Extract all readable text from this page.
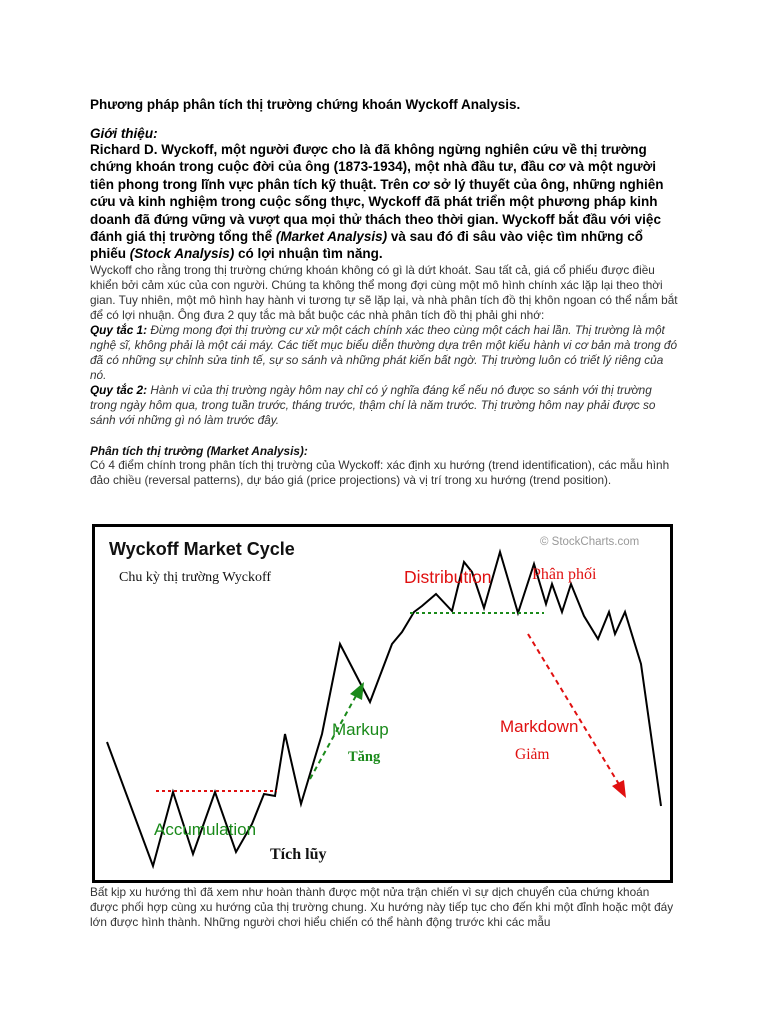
Phương pháp phân tích thị trường chứng khoán Wyckoff Analysis.

Giới thiệu:

Richard D. Wyckoff, một người được cho là đã không ngừng nghiên cứu về thị trường chứng khoán trong cuộc đời của ông (1873-1934), một nhà đầu tư, đầu cơ và một người tiên phong trong lĩnh vực phân tích kỹ thuật. Trên cơ sở lý thuyết của ông, những nghiên cứu và kinh nghiệm trong cuộc sống thực, Wyckoff đã phát triển một phương pháp kinh doanh đã đứng vững và vượt qua mọi thử thách theo thời gian. Wyckoff bắt đầu với việc đánh giá thị trường tổng thể (Market Analysis) và sau đó đi sâu vào việc tìm những cổ phiếu (Stock Analysis) có lợi nhuận tìm năng.

Wyckoff cho rằng trong thị trường chứng khoán không có gì là dứt khoát. Sau tất cả, giá cổ phiếu được điều khiển bởi cảm xúc của con người. Chúng ta không thể mong đợi cùng một mô hình chính xác lặp lại theo thời gian. Tuy nhiên, một mô hình hay hành vi tương tự sẽ lặp lại, và nhà phân tích đồ thị khôn ngoan có thể nắm bắt để có lợi nhuận. Ông đưa 2 quy tắc mà bắt buộc các nhà phân tích đồ thị phải ghi nhớ:

Quy tắc 1: Đừng mong đợi thị trường cư xử một cách chính xác theo cùng một cách hai lần. Thị trường là một nghệ sĩ, không phải là một cái máy. Các tiết mục biểu diễn thường dựa trên một kiểu hành vi cơ bản mà trong đó đã có những sự chỉnh sửa tinh tế, sự so sánh và những phát kiến bất ngờ. Thị trường luôn có triết lý riêng của nó.

Quy tắc 2: Hành vi của thị trường ngày hôm nay chỉ có ý nghĩa đáng kể nếu nó được so sánh với thị trường trong ngày hôm qua, trong tuần trước, tháng trước, thậm chí là năm trước. Thị trường hôm nay phải được so sánh với những gì nó làm trước đây.

Phân tích thị trường (Market Analysis):

Có 4 điểm chính trong phân tích thị trường của Wyckoff: xác định xu hướng (trend identification), các mẫu hình đảo chiều (reversal patterns), dự báo giá (price projections) và vị trí trong xu hướng (trend position).

Wyckoff Market Cycle
Chu kỳ thị trường Wyckoff
© StockCharts.com
Distribution	Phân phối
Markup
Tăng
Markdown
Giảm
Accumulation
Tích lũy

Bất kịp xu hướng thì đã xem như hoàn thành được một nửa trận chiến vì sự dịch chuyển của chứng khoán được phối hợp cùng xu hướng của thị trường chung. Xu hướng này tiếp tục cho đến khi một đỉnh hoặc một đáy lớn được hình thành. Những người chơi hiểu chiến có thể hành động trước khi các mẫu
